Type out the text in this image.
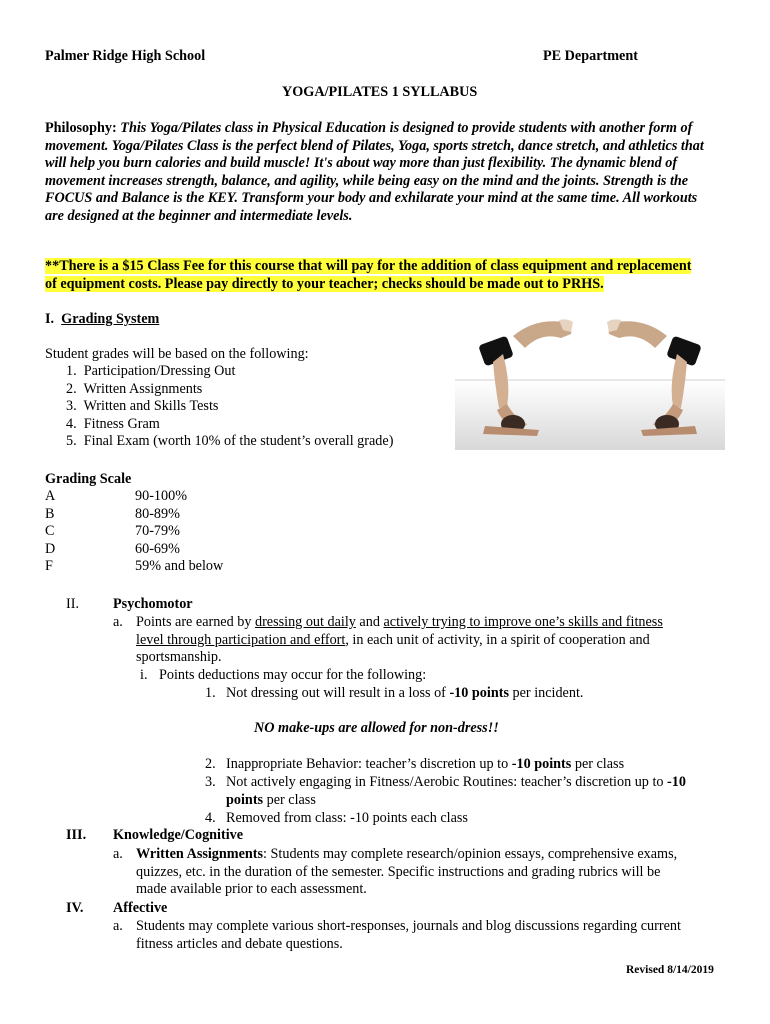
Palmer Ridge High School	PE Department
YOGA/PILATES 1 SYLLABUS
Philosophy: This Yoga/Pilates class in Physical Education is designed to provide students with another form of
movement. Yoga/Pilates Class is the perfect blend of Pilates, Yoga, sports stretch, dance stretch, and athletics that
will help you burn calories and build muscle! It's about way more than just flexibility. The dynamic blend of
movement increases strength, balance, and agility, while being easy on the mind and the joints. Strength is the
FOCUS and Balance is the KEY. Transform your body and exhilarate your mind at the same time. All workouts
are designed at the beginner and intermediate levels.
**There is a $15 Class Fee for this course that will pay for the addition of class equipment and replacement
of equipment costs. Please pay directly to your teacher; checks should be made out to PRHS.
I. Grading System
Student grades will be based on the following:
1. Participation/Dressing Out
2. Written Assignments
3. Written and Skills Tests
4. Fitness Gram
5. Final Exam (worth 10% of the student’s overall grade)
Grading Scale
A	90-100%
B	80-89%
C	70-79%
D	60-69%
F	59% and below
II. Psychomotor
a. Points are earned by dressing out daily and actively trying to improve one’s skills and fitness
level through participation and effort, in each unit of activity, in a spirit of cooperation and
sportsmanship.
i. Points deductions may occur for the following:
1. Not dressing out will result in a loss of -10 points per incident.
NO make-ups are allowed for non-dress!!
2. Inappropriate Behavior: teacher’s discretion up to -10 points per class
3. Not actively engaging in Fitness/Aerobic Routines: teacher’s discretion up to -10
points per class
4. Removed from class: -10 points each class
III. Knowledge/Cognitive
a. Written Assignments: Students may complete research/opinion essays, comprehensive exams,
quizzes, etc. in the duration of the semester. Specific instructions and grading rubrics will be
made available prior to each assessment.
IV. Affective
a. Students may complete various short-responses, journals and blog discussions regarding current
fitness articles and debate questions.
Revised 8/14/2019
